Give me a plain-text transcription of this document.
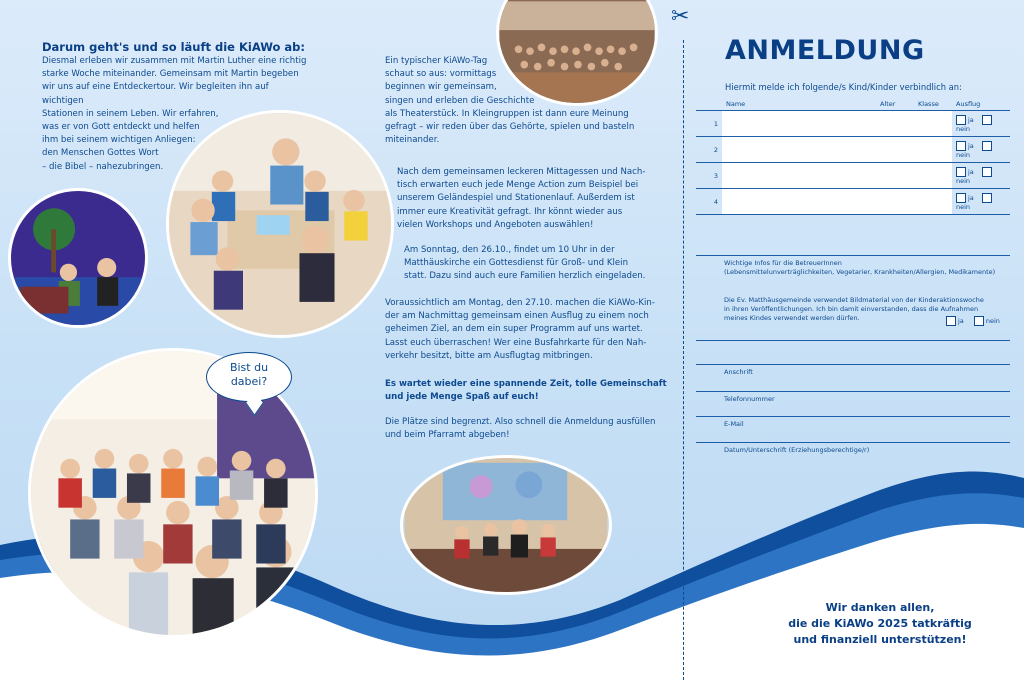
Darum geht's und so läuft die KiAWo ab:
Diesmal erleben wir zusammen mit Martin Luther eine richtig
starke Woche miteinander. Gemeinsam mit Martin begeben
wir uns auf eine Entdeckertour. Wir begleiten ihn auf wichtigen
Stationen in seinem Leben. Wir erfahren,
was er von Gott entdeckt und helfen
ihm bei seinem wichtigen Anliegen:
den Menschen Gottes Wort
– die Bibel – nahezubringen.
Bist du
dabei?
Ein typischer KiAWo-Tag
schaut so aus: vormittags
beginnen wir gemeinsam,
singen und erleben die Geschichte
als Theaterstück. In Kleingruppen ist dann eure Meinung
gefragt – wir reden über das Gehörte, spielen und basteln
miteinander.
Nach dem gemeinsamen leckeren Mittagessen und Nach-
tisch erwarten euch jede Menge Action zum Beispiel bei
unserem Geländespiel und Stationenlauf. Außerdem ist
immer eure Kreativität gefragt. Ihr könnt wieder aus
vielen Workshops und Angeboten auswählen!
Am Sonntag, den 26.10., findet um 10 Uhr in der
Matthäuskirche ein Gottesdienst für Groß- und Klein
statt. Dazu sind auch eure Familien herzlich eingeladen.
Voraussichtlich am Montag, den 27.10. machen die KiAWo-Kin-
der am Nachmittag gemeinsam einen Ausflug zu einem noch
geheimen Ziel, an dem ein super Programm auf uns wartet.
Lasst euch überraschen! Wer eine Busfahrkarte für den Nah-
verkehr besitzt, bitte am Ausflugtag mitbringen.
Es wartet wieder eine spannende Zeit, tolle Gemeinschaft
und jede Menge Spaß auf euch!
Die Plätze sind begrenzt. Also schnell die Anmeldung ausfüllen
und beim Pfarramt abgeben!
✂
ANMELDUNG
Hiermit melde ich folgende/s Kind/Kinder verbindlich an:
	Name	Alter	Klasse	Ausflug
1				ja nein
2				ja nein
3				ja nein
4				ja nein
Wichtige Infos für die BetreuerInnen
(Lebensmittelunverträglichkeiten, Vegetarier, Krankheiten/Allergien, Medikamente)
Die Ev. Matthäusgemeinde verwendet Bildmaterial von der Kinderaktionswoche
in ihren Veröffentlichungen. Ich bin damit einverstanden, dass die Aufnahmen
meines Kindes verwendet werden dürfen.	ja	nein
Anschrift
Telefonnummer
E-Mail
Datum/Unterschrift (Erziehungsberechtige/r)
Wir danken allen,
die die KiAWo 2025 tatkräftig
und finanziell unterstützen!
